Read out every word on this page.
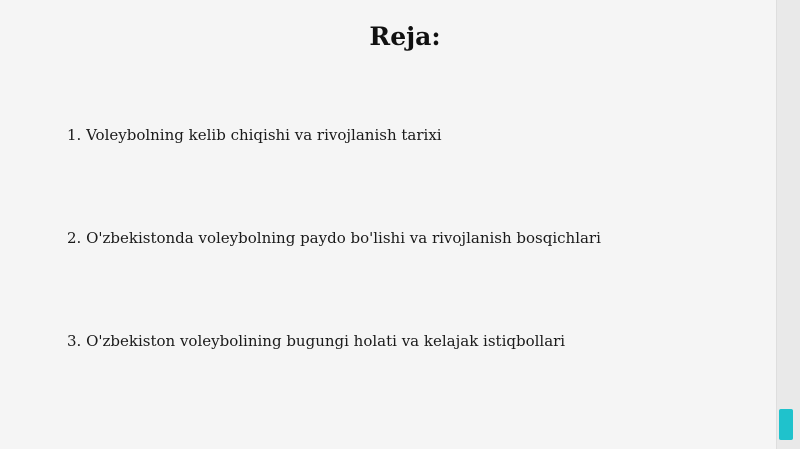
Reja:

1. Voleybolning kelib chiqishi va rivojlanish tarixi

2. O'zbekistonda voleybolning paydo bo'lishi va rivojlanish bosqichlari

3. O'zbekiston voleybolining bugungi holati va kelajak istiqbollari
